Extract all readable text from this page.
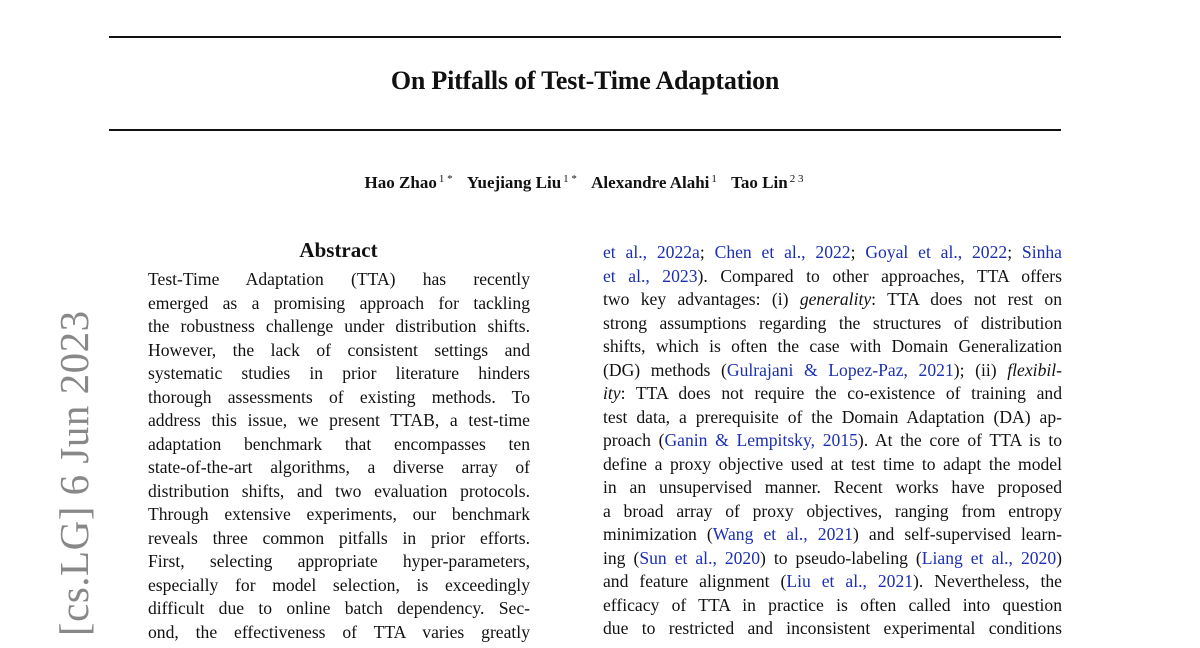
On Pitfalls of Test-Time Adaptation
Hao Zhao $^{1 *}$ Yuejiang Liu $^{1 *}$ Alexandre Alahi $^1$ Tao Lin $^{2 3}$
[cs.LG] 6 Jun 2023
Abstract
Test-Time Adaptation (TTA) has recently
emerged as a promising approach for tackling
the robustness challenge under distribution shifts.
However, the lack of consistent settings and
systematic studies in prior literature hinders
thorough assessments of existing methods. To
address this issue, we present TTAB, a test-time
adaptation benchmark that encompasses ten
state-of-the-art algorithms, a diverse array of
distribution shifts, and two evaluation protocols.
Through extensive experiments, our benchmark
reveals three common pitfalls in prior efforts.
First, selecting appropriate hyper-parameters,
especially for model selection, is exceedingly
difficult due to online batch dependency. Sec-
ond, the effectiveness of TTA varies greatly
et al., 2022a; Chen et al., 2022; Goyal et al., 2022; Sinha
et al., 2023). Compared to other approaches, TTA offers
two key advantages: (i) generality: TTA does not rest on
strong assumptions regarding the structures of distribution
shifts, which is often the case with Domain Generalization
(DG) methods (Gulrajani & Lopez-Paz, 2021); (ii) flexibil-
ity: TTA does not require the co-existence of training and
test data, a prerequisite of the Domain Adaptation (DA) ap-
proach (Ganin & Lempitsky, 2015). At the core of TTA is to
define a proxy objective used at test time to adapt the model
in an unsupervised manner. Recent works have proposed
a broad array of proxy objectives, ranging from entropy
minimization (Wang et al., 2021) and self-supervised learn-
ing (Sun et al., 2020) to pseudo-labeling (Liang et al., 2020)
and feature alignment (Liu et al., 2021). Nevertheless, the
efficacy of TTA in practice is often called into question
due to restricted and inconsistent experimental conditions
